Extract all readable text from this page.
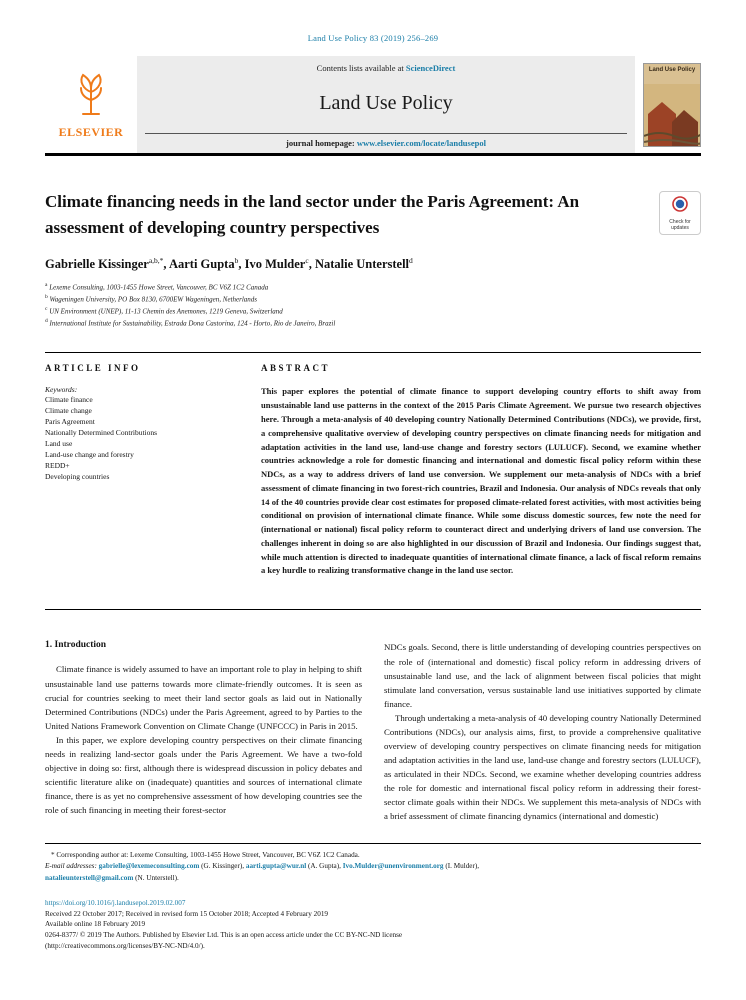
Land Use Policy 83 (2019) 256–269
ELSEVIER
Contents lists available at ScienceDirect
Land Use Policy
journal homepage: www.elsevier.com/locate/landusepol
Land Use Policy
Climate financing needs in the land sector under the Paris Agreement: An assessment of developing country perspectives	Check for updates
Gabrielle Kissinger$^{a,b,*}$, Aarti Gupta$^b$, Ivo Mulder$^c$, Natalie Unterstell$^d$
$^a$ Lexeme Consulting, 1003-1455 Howe Street, Vancouver, BC V6Z 1C2 Canada
$^b$ Wageningen University, PO Box 8130, 6700EW Wageningen, Netherlands
$^c$ UN Environment (UNEP), 11-13 Chemin des Anemones, 1219 Geneva, Switzerland
$^d$ International Institute for Sustainability, Estrada Dona Castorina, 124 - Horto, Rio de Janeiro, Brazil
ARTICLE INFO
Keywords:
Climate finance
Climate change
Paris Agreement
Nationally Determined Contributions
Land use
Land-use change and forestry
REDD+
Developing countries
ABSTRACT
This paper explores the potential of climate finance to support developing country efforts to shift away from unsustainable land use patterns in the context of the 2015 Paris Climate Agreement. We pursue two research objectives here. Through a meta-analysis of 40 developing country Nationally Determined Contributions (NDCs), we provide, first, a comprehensive qualitative overview of developing country perspectives on climate financing needs for mitigation and adaptation activities in the land use, land-use change and forestry sectors (LULUCF). Second, we examine whether countries acknowledge a role for domestic financing and international and domestic fiscal policy reform within these NDCs, as a way to address drivers of land use conversion. We supplement our meta-analysis of NDCs with a brief assessment of climate financing in two forest-rich countries, Brazil and Indonesia. Our analysis of NDCs reveals that only 14 of the 40 countries provide clear cost estimates for proposed climate-related forest activities, with most activities being conditional on provision of international climate finance. While some discuss domestic sources, few note the need for (international or national) fiscal policy reform to counteract direct and underlying drivers of land use conversion. The challenges inherent in doing so are also highlighted in our discussion of Brazil and Indonesia. Our findings suggest that, while much attention is directed to inadequate quantities of international climate finance, a lack of fiscal reform remains a key hurdle to realizing transformative change in the land use sector.
1. Introduction

Climate finance is widely assumed to have an important role to play in helping to shift unsustainable land use patterns towards more climate-friendly outcomes. It is seen as crucial for countries seeking to meet their land sector goals as laid out in Nationally Determined Contributions (NDCs) under the Paris Agreement, agreed to by Parties to the United Nations Framework Convention on Climate Change (UNFCCC) in Paris in 2015.

In this paper, we explore developing country perspectives on their climate financing needs in realizing land-sector goals under the Paris Agreement. We have a two-fold objective in doing so: first, although there is widespread discussion in policy debates and scientific literature alike on (inadequate) quantities and sources of international climate finance, there is as yet no comprehensive assessment of how developing countries see the role of such financing in meeting their forest-sector

NDCs goals. Second, there is little understanding of developing countries perspectives on the role of (international and domestic) fiscal policy reform in addressing drivers of unsustainable land use, and the lack of alignment between fiscal policies that might stimulate land conversation, versus sustainable land use initiatives supported by climate finance.

Through undertaking a meta-analysis of 40 developing country Nationally Determined Contributions (NDCs), our analysis aims, first, to provide a comprehensive qualitative overview of developing country perspectives on climate financing needs for mitigation and adaptation activities in the land use, land-use change and forestry sectors (LULUCF), as articulated in their NDCs. Second, we examine whether developing countries address the role for domestic and international fiscal policy reform in addressing their forest-sector climate goals within their NDCs. We supplement this meta-analysis of NDCs with a brief assessment of climate financing dynamics (international and domestic)

* Corresponding author at: Lexeme Consulting, 1003-1455 Howe Street, Vancouver, BC V6Z 1C2 Canada.
E-mail addresses: gabrielle@lexemeconsulting.com (G. Kissinger), aarti.gupta@wur.nl (A. Gupta), Ivo.Mulder@unenvironment.org (I. Mulder),
natalieunterstell@gmail.com (N. Unterstell).
https://doi.org/10.1016/j.landusepol.2019.02.007
Received 22 October 2017; Received in revised form 15 October 2018; Accepted 4 February 2019
Available online 18 February 2019
0264-8377/ © 2019 The Authors. Published by Elsevier Ltd. This is an open access article under the CC BY-NC-ND license
(http://creativecommons.org/licenses/BY-NC-ND/4.0/).
